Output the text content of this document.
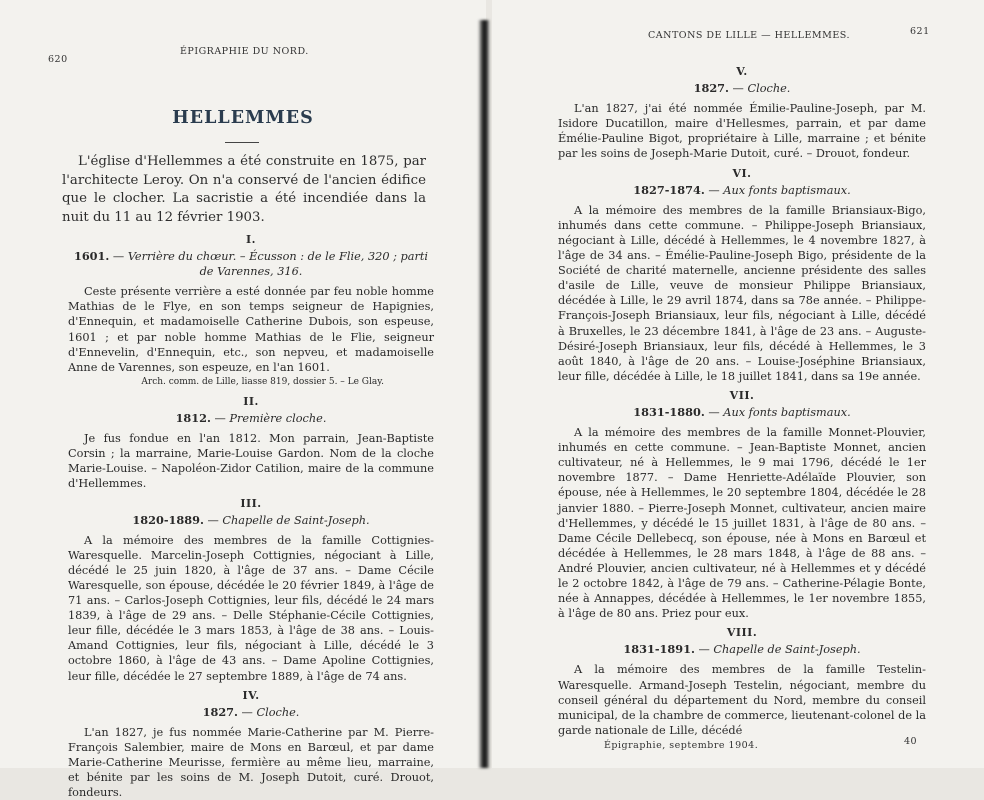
620
ÉPIGRAPHIE DU NORD.
HELLEMMES

L'église d'Hellemmes a été construite en 1875, par l'architecte Leroy. On n'a conservé de l'ancien édifice que le clocher. La sacristie a été incendiée dans la nuit du 11 au 12 février 1903.

I.
1601. — Verrière du chœur. – Écusson : de le Flie, 320 ; parti de Varennes, 316.

Ceste présente verrière a esté donnée par feu noble homme Mathias de le Flye, en son temps seigneur de Hapignies, d'Ennequin, et madamoiselle Catherine Dubois, son espeuse, 1601 ; et par noble homme Mathias de le Flie, seigneur d'Ennevelin, d'Ennequin, etc., son nepveu, et madamoiselle Anne de Varennes, son espeuze, en l'an 1601.

Arch. comm. de Lille, liasse 819, dossier 5. – Le Glay.

II.
1812. — Première cloche.

Je fus fondue en l'an 1812. Mon parrain, Jean-Baptiste Corsin ; la marraine, Marie-Louise Gardon. Nom de la cloche Marie-Louise. – Napoléon-Zidor Catilion, maire de la commune d'Hellemmes.

III.
1820-1889. — Chapelle de Saint-Joseph.

A la mémoire des membres de la famille Cottignies-Waresquelle. Marcelin-Joseph Cottignies, négociant à Lille, décédé le 25 juin 1820, à l'âge de 37 ans. – Dame Cécile Waresquelle, son épouse, décédée le 20 février 1849, à l'âge de 71 ans. – Carlos-Joseph Cottignies, leur fils, décédé le 24 mars 1839, à l'âge de 29 ans. – Delle Stéphanie-Cécile Cottignies, leur fille, décédée le 3 mars 1853, à l'âge de 38 ans. – Louis-Amand Cottignies, leur fils, négociant à Lille, décédé le 3 octobre 1860, à l'âge de 43 ans. – Dame Apoline Cottignies, leur fille, décédée le 27 septembre 1889, à l'âge de 74 ans.

IV.
1827. — Cloche.

L'an 1827, je fus nommée Marie-Catherine par M. Pierre-François Salembier, maire de Mons en Barœul, et par dame Marie-Catherine Meurisse, fermière au même lieu, marraine, et bénite par les soins de M. Joseph Dutoit, curé. Drouot, fondeurs.

CANTONS DE LILLE — HELLEMMES.	621
V.
1827. — Cloche.

L'an 1827, j'ai été nommée Émilie-Pauline-Joseph, par M. Isidore Ducatillon, maire d'Hellesmes, parrain, et par dame Émélie-Pauline Bigot, propriétaire à Lille, marraine ; et bénite par les soins de Joseph-Marie Dutoit, curé. – Drouot, fondeur.

VI.
1827-1874. — Aux fonts baptismaux.

A la mémoire des membres de la famille Briansiaux-Bigo, inhumés dans cette commune. – Philippe-Joseph Briansiaux, négociant à Lille, décédé à Hellemmes, le 4 novembre 1827, à l'âge de 34 ans. – Émélie-Pauline-Joseph Bigo, présidente de la Société de charité maternelle, ancienne présidente des salles d'asile de Lille, veuve de monsieur Philippe Briansiaux, décédée à Lille, le 29 avril 1874, dans sa 78e année. – Philippe-François-Joseph Briansiaux, leur fils, négociant à Lille, décédé à Bruxelles, le 23 décembre 1841, à l'âge de 23 ans. – Auguste-Désiré-Joseph Briansiaux, leur fils, décédé à Hellemmes, le 3 août 1840, à l'âge de 20 ans. – Louise-Joséphine Briansiaux, leur fille, décédée à Lille, le 18 juillet 1841, dans sa 19e année.

VII.
1831-1880. — Aux fonts baptismaux.

A la mémoire des membres de la famille Monnet-Plouvier, inhumés en cette commune. – Jean-Baptiste Monnet, ancien cultivateur, né à Hellemmes, le 9 mai 1796, décédé le 1er novembre 1877. – Dame Henriette-Adélaïde Plouvier, son épouse, née à Hellemmes, le 20 septembre 1804, décédée le 28 janvier 1880. – Pierre-Joseph Monnet, cultivateur, ancien maire d'Hellemmes, y décédé le 15 juillet 1831, à l'âge de 80 ans. – Dame Cécile Dellebecq, son épouse, née à Mons en Barœul et décédée à Hellemmes, le 28 mars 1848, à l'âge de 88 ans. – André Plouvier, ancien cultivateur, né à Hellemmes et y décédé le 2 octobre 1842, à l'âge de 79 ans. – Catherine-Pélagie Bonte, née à Annappes, décédée à Hellemmes, le 1er novembre 1855, à l'âge de 80 ans. Priez pour eux.

VIII.
1831-1891. — Chapelle de Saint-Joseph.

A la mémoire des membres de la famille Testelin-Waresquelle. Armand-Joseph Testelin, négociant, membre du conseil général du département du Nord, membre du conseil municipal, de la chambre de commerce, lieutenant-colonel de la garde nationale de Lille, décédé

Épigraphie, septembre 1904.	40
